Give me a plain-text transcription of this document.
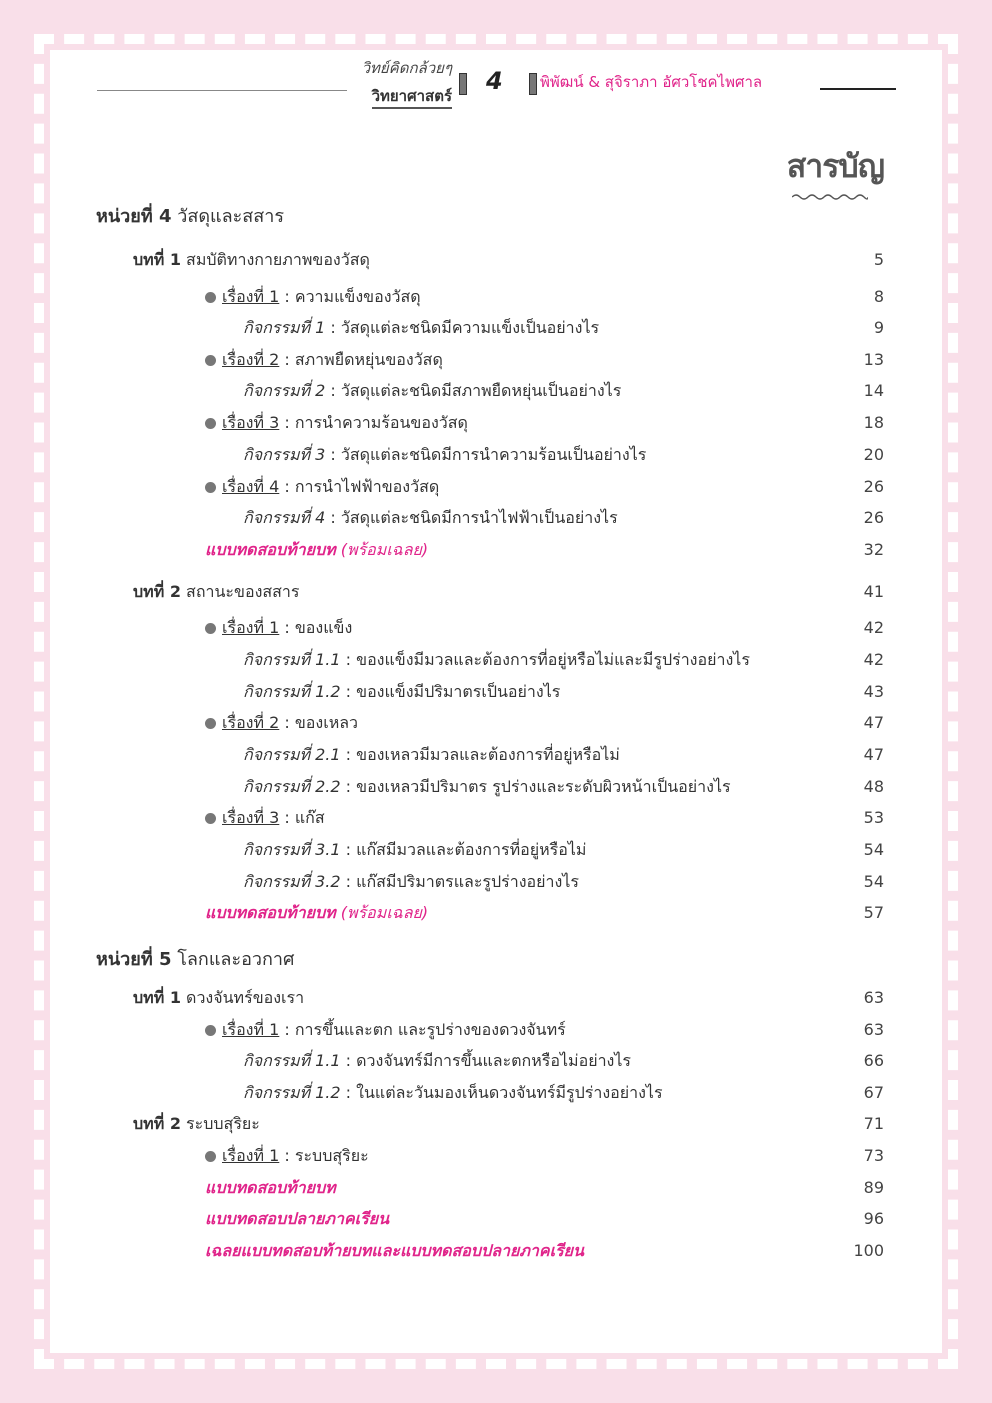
วิทย์คิดกล้วยๆ
วิทยาศาสตร์
4 พิพัฒน์ & สุจิราภา อัศวโชคไพศาล
สารบัญ
หน่วยที่ 4 วัสดุและสสาร
บทที่ 1 สมบัติทางกายภาพของวัสดุ	5
เรื่องที่ 1 : ความแข็งของวัสดุ	8
กิจกรรมที่ 1 : วัสดุแต่ละชนิดมีความแข็งเป็นอย่างไร	9
เรื่องที่ 2 : สภาพยืดหยุ่นของวัสดุ	13
กิจกรรมที่ 2 : วัสดุแต่ละชนิดมีสภาพยืดหยุ่นเป็นอย่างไร	14
เรื่องที่ 3 : การนำความร้อนของวัสดุ	18
กิจกรรมที่ 3 : วัสดุแต่ละชนิดมีการนำความร้อนเป็นอย่างไร	20
เรื่องที่ 4 : การนำไฟฟ้าของวัสดุ	26
กิจกรรมที่ 4 : วัสดุแต่ละชนิดมีการนำไฟฟ้าเป็นอย่างไร	26
แบบทดสอบท้ายบท (พร้อมเฉลย)	32
บทที่ 2 สถานะของสสาร	41
เรื่องที่ 1 : ของแข็ง	42
กิจกรรมที่ 1.1 : ของแข็งมีมวลและต้องการที่อยู่หรือไม่และมีรูปร่างอย่างไร	42
กิจกรรมที่ 1.2 : ของแข็งมีปริมาตรเป็นอย่างไร	43
เรื่องที่ 2 : ของเหลว	47
กิจกรรมที่ 2.1 : ของเหลวมีมวลและต้องการที่อยู่หรือไม่	47
กิจกรรมที่ 2.2 : ของเหลวมีปริมาตร รูปร่างและระดับผิวหน้าเป็นอย่างไร	48
เรื่องที่ 3 : แก๊ส	53
กิจกรรมที่ 3.1 : แก๊สมีมวลและต้องการที่อยู่หรือไม่	54
กิจกรรมที่ 3.2 : แก๊สมีปริมาตรและรูปร่างอย่างไร	54
แบบทดสอบท้ายบท (พร้อมเฉลย)	57
หน่วยที่ 5 โลกและอวกาศ
บทที่ 1 ดวงจันทร์ของเรา	63
เรื่องที่ 1 : การขึ้นและตก และรูปร่างของดวงจันทร์	63
กิจกรรมที่ 1.1 : ดวงจันทร์มีการขึ้นและตกหรือไม่อย่างไร	66
กิจกรรมที่ 1.2 : ในแต่ละวันมองเห็นดวงจันทร์มีรูปร่างอย่างไร	67
บทที่ 2 ระบบสุริยะ	71
เรื่องที่ 1 : ระบบสุริยะ	73
แบบทดสอบท้ายบท	89
แบบทดสอบปลายภาคเรียน	96
เฉลยแบบทดสอบท้ายบทและแบบทดสอบปลายภาคเรียน	100
